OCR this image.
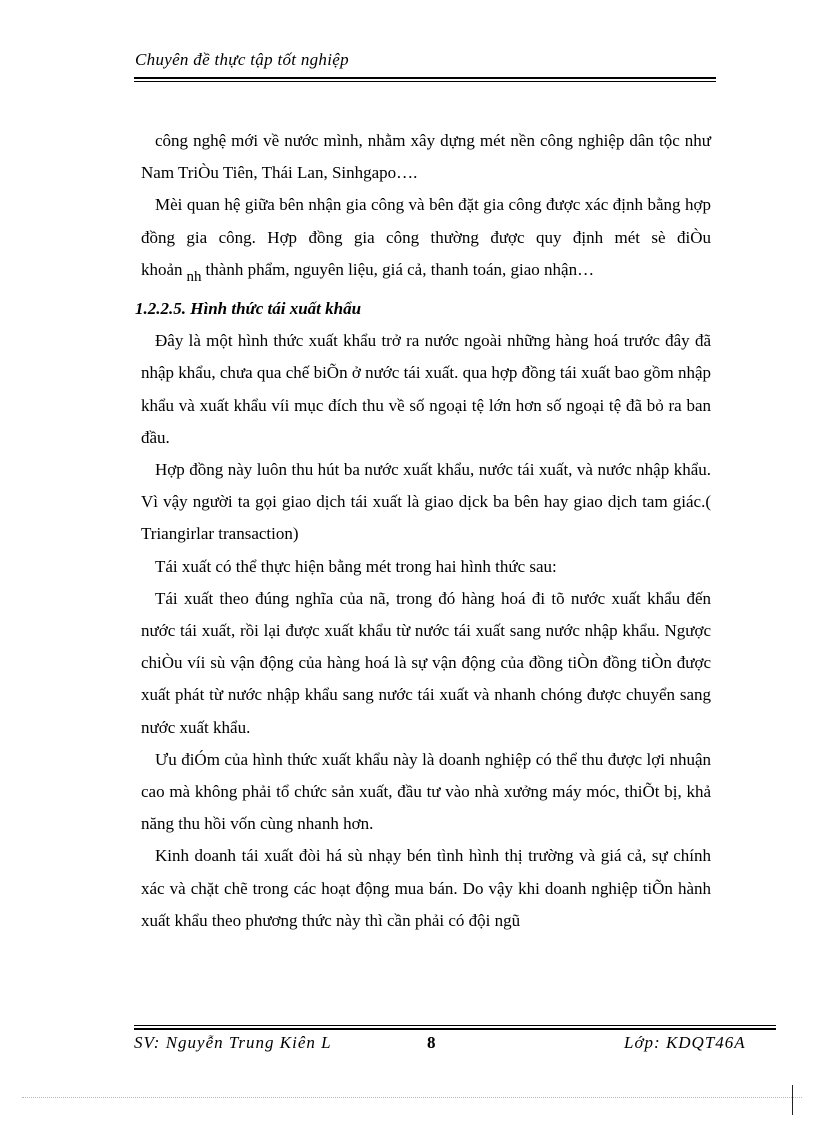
Chuyên đề thực tập tốt nghiệp

công nghệ mới về nước mình, nhằm xây dựng mét nền công nghiệp dân tộc như Nam TriÒu Tiên, Thái Lan, Sinhgapo….

Mèi quan hệ giữa bên nhận gia công và bên đặt gia công được xác định bằng hợp đồng gia công. Hợp đồng gia công thường được quy định mét sè điÒu khoản nh thành phẩm, nguyên liệu, giá cả, thanh toán, giao nhận…

1.2.2.5. Hình thức tái xuất khẩu

Đây là một hình thức xuất khẩu trở ra nước ngoài những hàng hoá trước đây đã nhập khẩu, chưa qua chế biÕn ở nước tái xuất. qua hợp đồng tái xuất bao gồm nhập khẩu và xuất khẩu víi mục đích thu về số ngoại tệ lớn hơn số ngoại tệ đã bỏ ra ban đầu.

Hợp đồng này luôn thu hút ba nước xuất khẩu, nước tái xuất, và nước nhập khẩu. Vì vậy người ta gọi giao dịch tái xuất là giao dịck ba bên hay giao dịch tam giác.( Triangirlar transaction)

Tái xuất có thể thực hiện bằng mét trong hai hình thức sau:

Tái xuất theo đúng nghĩa của nã, trong đó hàng hoá đi tõ nước xuất khẩu đến nước tái xuất, rồi lại được xuất khẩu từ nước tái xuất sang nước nhập khẩu. Ngược chiÒu víi sù vận động của hàng hoá là sự vận động của đồng tiÒn đồng tiÒn được xuất phát từ nước nhập khẩu sang nước tái xuất và nhanh chóng được chuyển sang nước xuất khẩu.

Ưu điÓm của hình thức xuất khẩu này là doanh nghiệp có thể thu được lợi nhuận cao mà không phải tổ chức sản xuất, đầu tư vào nhà xưởng máy móc, thiÕt bị, khả năng thu hồi vốn cùng nhanh hơn.

Kinh doanh tái xuất đòi há sù nhạy bén tình hình thị trường và giá cả, sự chính xác và chặt chẽ trong các hoạt động mua bán. Do vậy khi doanh nghiệp tiÕn hành xuất khẩu theo phương thức này thì cần phải có đội ngũ

SV: Nguyễn Trung Kiên L	8	Lớp: KDQT46A
